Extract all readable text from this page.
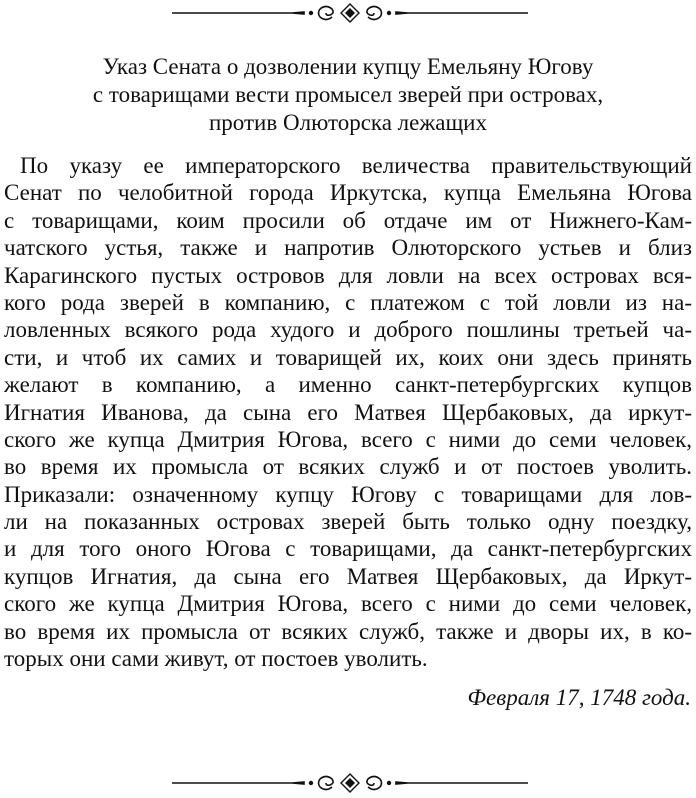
Указ Сената о дозволении купцу Емельяну Югову
с товарищами вести промысел зверей при островах,
против Олюторска лежащих
По указу ее императорского величества правительствующий
Сенат по челобитной города Иркутска, купца Емельяна Югова
с товарищами, коим просили об отдаче им от Нижнего-Кам-
чатского устья, также и напротив Олюторского устьев и близ
Карагинского пустых островов для ловли на всех островах вся-
кого рода зверей в компанию, с платежом с той ловли из на-
ловленных всякого рода худого и доброго пошлины третьей ча-
сти, и чтоб их самих и товарищей их, коих они здесь принять
желают в компанию, а именно санкт-петербургских купцов
Игнатия Иванова, да сына его Матвея Щербаковых, да иркут-
ского же купца Дмитрия Югова, всего с ними до семи человек,
во время их промысла от всяких служб и от постоев уволить.
Приказали: означенному купцу Югову с товарищами для лов-
ли на показанных островах зверей быть только одну поездку,
и для того оного Югова с товарищами, да санкт-петербургских
купцов Игнатия, да сына его Матвея Щербаковых, да Иркут-
ского же купца Дмитрия Югова, всего с ними до семи человек,
во время их промысла от всяких служб, также и дворы их, в ко-
торых они сами живут, от постоев уволить.
Февраля 17, 1748 года.
